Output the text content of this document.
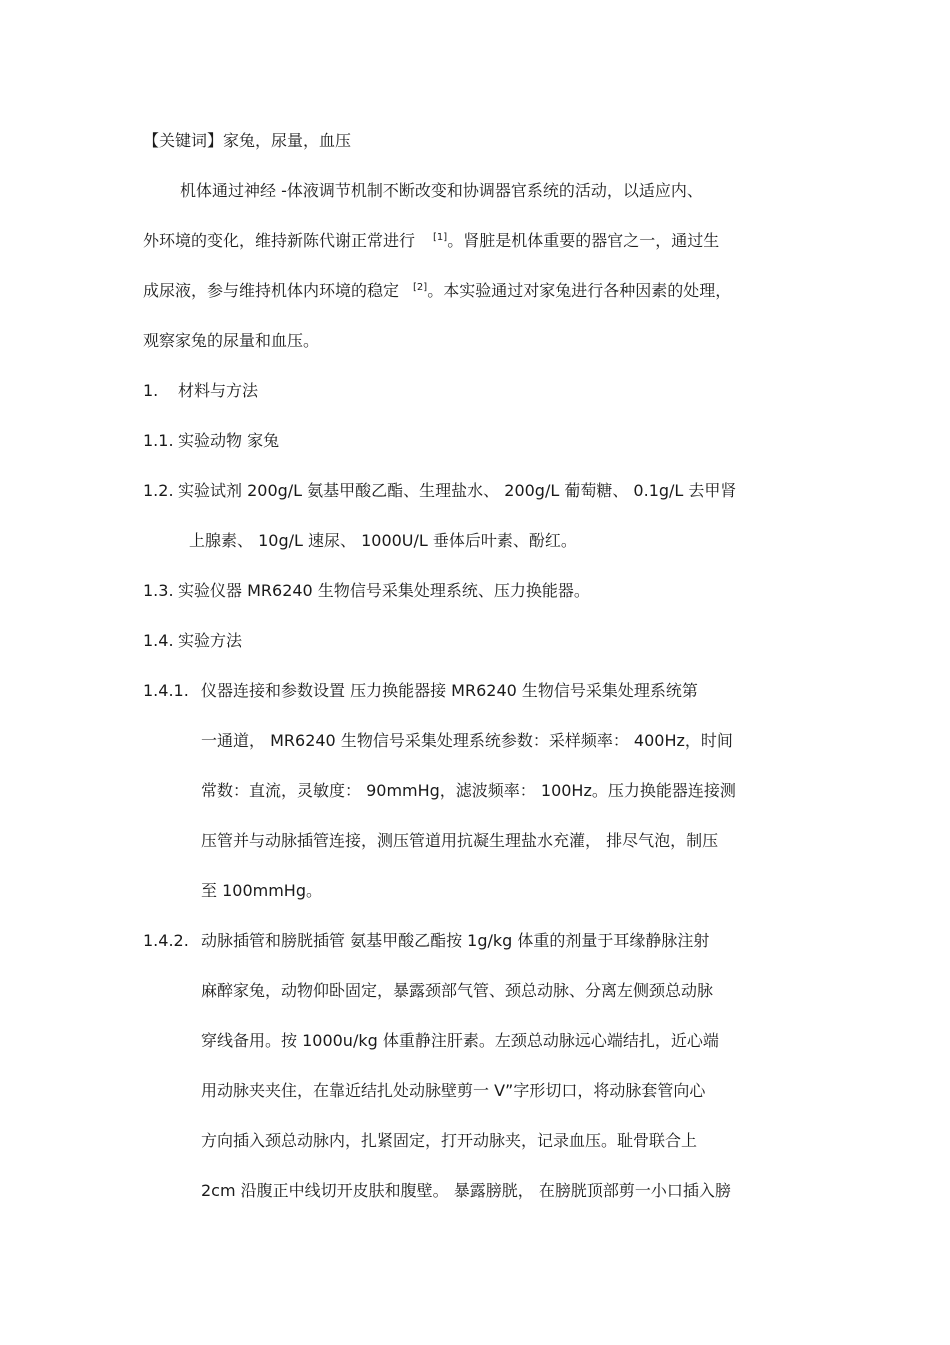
【关键词】家兔，尿量，血压
机体通过神经 -体液调节机制不断改变和协调器官系统的活动，以适应内、
外环境的变化，维持新陈代谢正常进行 [1]。肾脏是机体重要的器官之一，通过生
成尿液，参与维持机体内环境的稳定 [2]。本实验通过对家兔进行各种因素的处理，
观察家兔的尿量和血压。
1. 材料与方法
1.1. 实验动物 家兔
1.2. 实验试剂 200g/L 氨基甲酸乙酯、生理盐水、 200g/L 葡萄糖、 0.1g/L 去甲肾
上腺素、 10g/L 速尿、 1000U/L 垂体后叶素、酚红。
1.3. 实验仪器 MR6240 生物信号采集处理系统、压力换能器。
1.4. 实验方法
1.4.1. 仪器连接和参数设置 压力换能器接 MR6240 生物信号采集处理系统第
一通道， MR6240 生物信号采集处理系统参数：采样频率： 400Hz，时间
常数：直流，灵敏度： 90mmHg，滤波频率： 100Hz。压力换能器连接测
压管并与动脉插管连接，测压管道用抗凝生理盐水充灌， 排尽气泡，制压
至 100mmHg。
1.4.2. 动脉插管和膀胱插管 氨基甲酸乙酯按 1g/kg 体重的剂量于耳缘静脉注射
麻醉家兔，动物仰卧固定，暴露颈部气管、颈总动脉、分离左侧颈总动脉
穿线备用。按 1000u/kg 体重静注肝素。左颈总动脉远心端结扎，近心端
用动脉夹夹住，在靠近结扎处动脉壁剪一 V”字形切口，将动脉套管向心
方向插入颈总动脉内，扎紧固定，打开动脉夹，记录血压。耻骨联合上
2cm 沿腹正中线切开皮肤和腹壁。 暴露膀胱， 在膀胱顶部剪一小口插入膀
